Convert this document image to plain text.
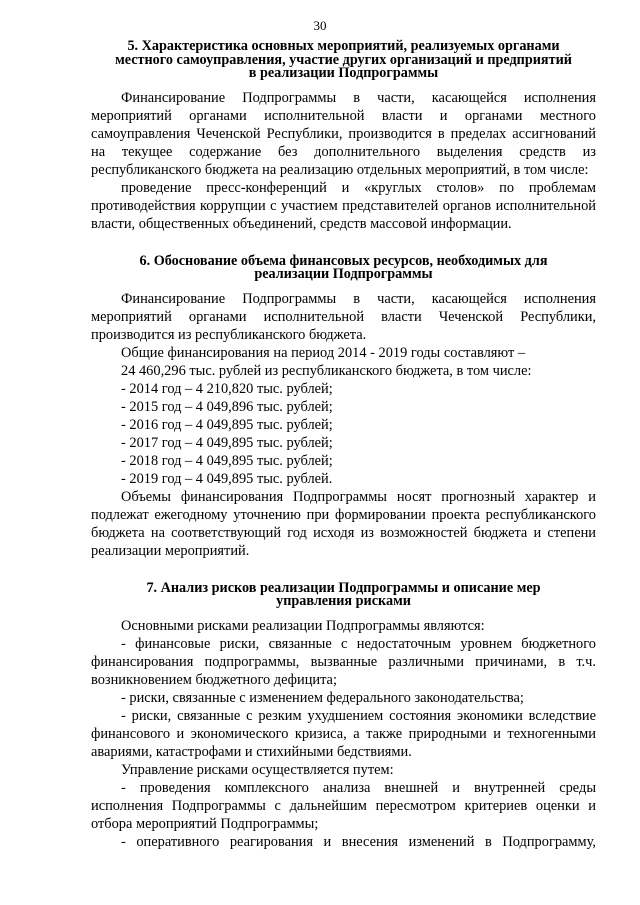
30
5. Характеристика основных мероприятий, реализуемых органами
местного самоуправления, участие других организаций и предприятий
в реализации Подпрограммы

Финансирование Подпрограммы в части, касающейся исполнения мероприятий органами исполнительной власти и органами местного самоуправления Чеченской Республики, производится в пределах ассигнований на текущее содержание без дополнительного выделения средств из республиканского бюджета на реализацию отдельных мероприятий, в том числе:

проведение пресс-конференций и «круглых столов» по проблемам противодействия коррупции с участием представителей органов исполнительной власти, общественных объединений, средств массовой информации.

6. Обоснование объема финансовых ресурсов, необходимых для
реализации Подпрограммы

Финансирование Подпрограммы в части, касающейся исполнения мероприятий органами исполнительной власти Чеченской Республики, производится из республиканского бюджета.

Общие финансирования на период 2014 - 2019 годы составляют –
24 460,296 тыс. рублей из республиканского бюджета, в том числе:
- 2014 год – 4 210,820 тыс. рублей;
- 2015 год – 4 049,896 тыс. рублей;
- 2016 год – 4 049,895 тыс. рублей;
- 2017 год – 4 049,895 тыс. рублей;
- 2018 год – 4 049,895 тыс. рублей;
- 2019 год – 4 049,895 тыс. рублей.

Объемы финансирования Подпрограммы носят прогнозный характер и подлежат ежегодному уточнению при формировании проекта республиканского бюджета на соответствующий год исходя из возможностей бюджета и степени реализации мероприятий.

7. Анализ рисков реализации Подпрограммы и описание мер
управления рисками

Основными рисками реализации Подпрограммы являются:

- финансовые риски, связанные с недостаточным уровнем бюджетного финансирования подпрограммы, вызванные различными причинами, в т.ч. возникновением бюджетного дефицита;

- риски, связанные с изменением федерального законодательства;

- риски, связанные с резким ухудшением состояния экономики вследствие финансового и экономического кризиса, а также природными и техногенными авариями, катастрофами и стихийными бедствиями.

Управление рисками осуществляется путем:

- проведения комплексного анализа внешней и внутренней среды исполнения Подпрограммы с дальнейшим пересмотром критериев оценки и отбора мероприятий Подпрограммы;

- оперативного реагирования и внесения изменений в Подпрограмму,
